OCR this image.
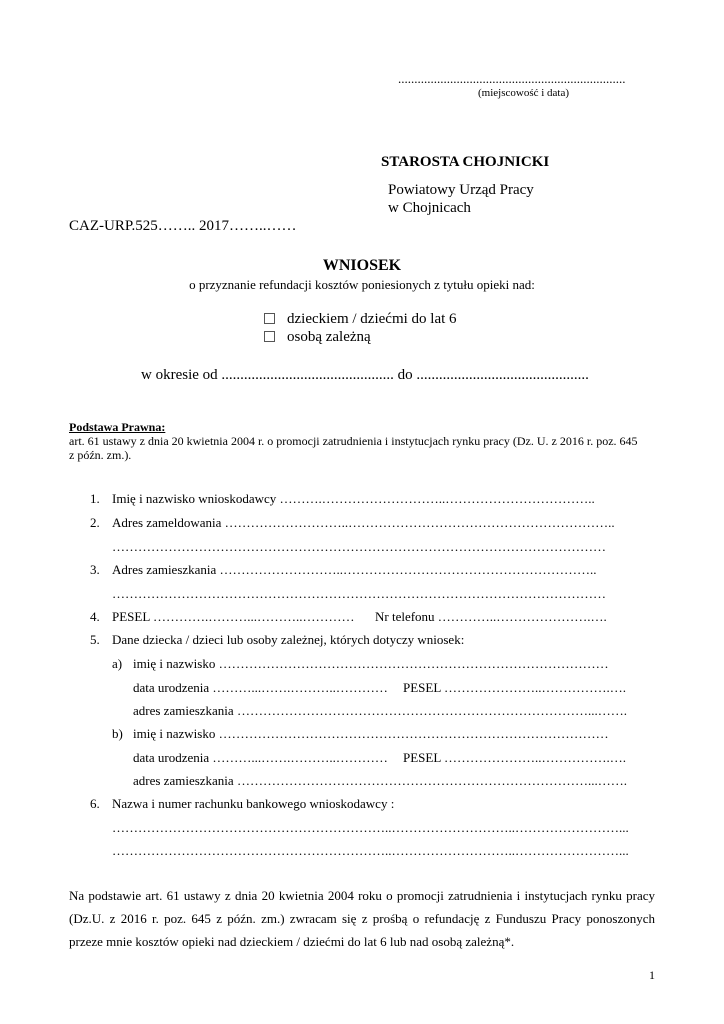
......................................................................
(miejscowość i data)
STAROSTA CHOJNICKI
Powiatowy Urząd Pracy
w Chojnicach
CAZ-URP.525…….. 2017……..……
WNIOSEK
o przyznanie refundacji kosztów poniesionych z tytułu opieki nad:
dzieckiem / dziećmi do lat 6
osobą zależną
w okresie od .............................................. do ..............................................
Podstawa Prawna:
art. 61 ustawy z dnia 20 kwietnia 2004 r. o promocji zatrudnienia i instytucjach rynku pracy (Dz. U. z 2016 r. poz. 645
z późn. zm.).
1. Imię i nazwisko wnioskodawcy ……….………………………..……………………………..
2. Adres zameldowania ………………………..……………………………………………………..
……………………………………………………………………………………………………
3. Adres zamieszkania ………………………..…………………………………………………..
……………………………………………………………………………………………………
4. PESEL ………….………...………..………… Nr telefonu …………..………………….….
5. Dane dziecka / dzieci lub osoby zależnej, których dotyczy wniosek:
a) imię i nazwisko ………………………………………………………………………………
data urodzenia ………...…….………..………… PESEL …………………..…………….….
adres zamieszkania ………………………………………………………………………...…….
b) imię i nazwisko ………………………………………………………………………………
data urodzenia ………...…….………..………… PESEL …………………..…………….….
adres zamieszkania ………………………………………………………………………...…….
6. Nazwa i numer rachunku bankowego wnioskodawcy :
………………………………………………………..………………………..……………………...
………………………………………………………..………………………..……………………...
Na podstawie art. 61 ustawy z dnia 20 kwietnia 2004 roku o promocji zatrudnienia i instytucjach rynku pracy (Dz.U. z 2016 r. poz. 645 z późn. zm.) zwracam się z prośbą o refundację z Funduszu Pracy ponoszonych przeze mnie kosztów opieki nad dzieckiem / dziećmi do lat 6 lub nad osobą zależną*.
1
